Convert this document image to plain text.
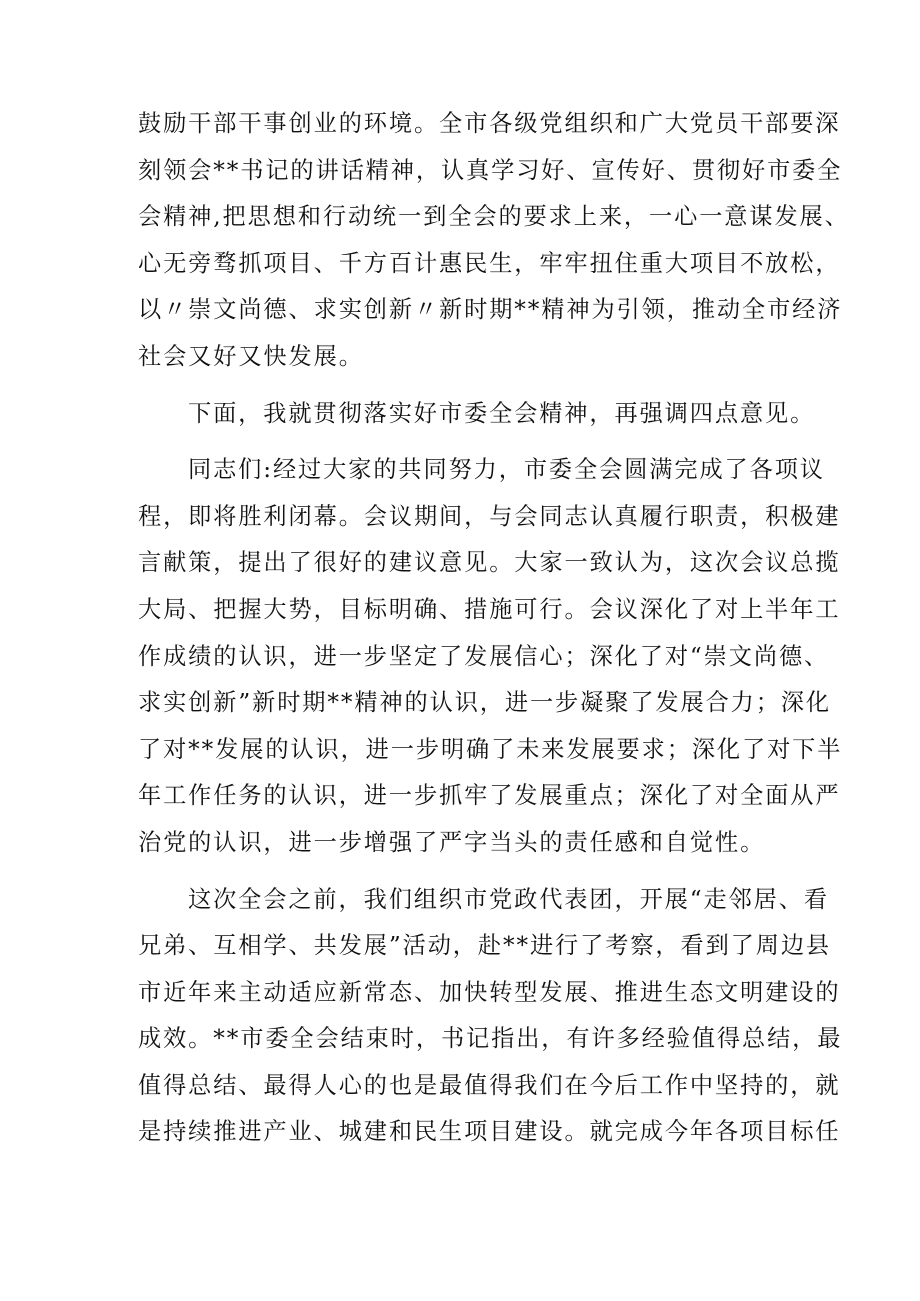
鼓励干部干事创业的环境。全市各级党组织和广大党员干部要深
刻领会**书记的讲话精神，认真学习好、宣传好、贯彻好市委全
会精神,把思想和行动统一到全会的要求上来，一心一意谋发展、
心无旁骛抓项目、千方百计惠民生，牢牢扭住重大项目不放松，
以〃崇文尚德、求实创新〃新时期**精神为引领，推动全市经济
社会又好又快发展。
下面，我就贯彻落实好市委全会精神，再强调四点意见。
同志们:经过大家的共同努力，市委全会圆满完成了各项议
程，即将胜利闭幕。会议期间，与会同志认真履行职责，积极建
言献策，提出了很好的建议意见。大家一致认为，这次会议总揽
大局、把握大势，目标明确、措施可行。会议深化了对上半年工
作成绩的认识，进一步坚定了发展信心；深化了对“崇文尚德、
求实创新”新时期**精神的认识，进一步凝聚了发展合力；深化
了对**发展的认识，进一步明确了未来发展要求；深化了对下半
年工作任务的认识，进一步抓牢了发展重点；深化了对全面从严
治党的认识，进一步增强了严字当头的责任感和自觉性。
这次全会之前，我们组织市党政代表团，开展“走邻居、看
兄弟、互相学、共发展”活动，赴**进行了考察，看到了周边县
市近年来主动适应新常态、加快转型发展、推进生态文明建设的
成效。**市委全会结束时，书记指出，有许多经验值得总结，最
值得总结、最得人心的也是最值得我们在今后工作中坚持的，就
是持续推进产业、城建和民生项目建设。就完成今年各项目标任
